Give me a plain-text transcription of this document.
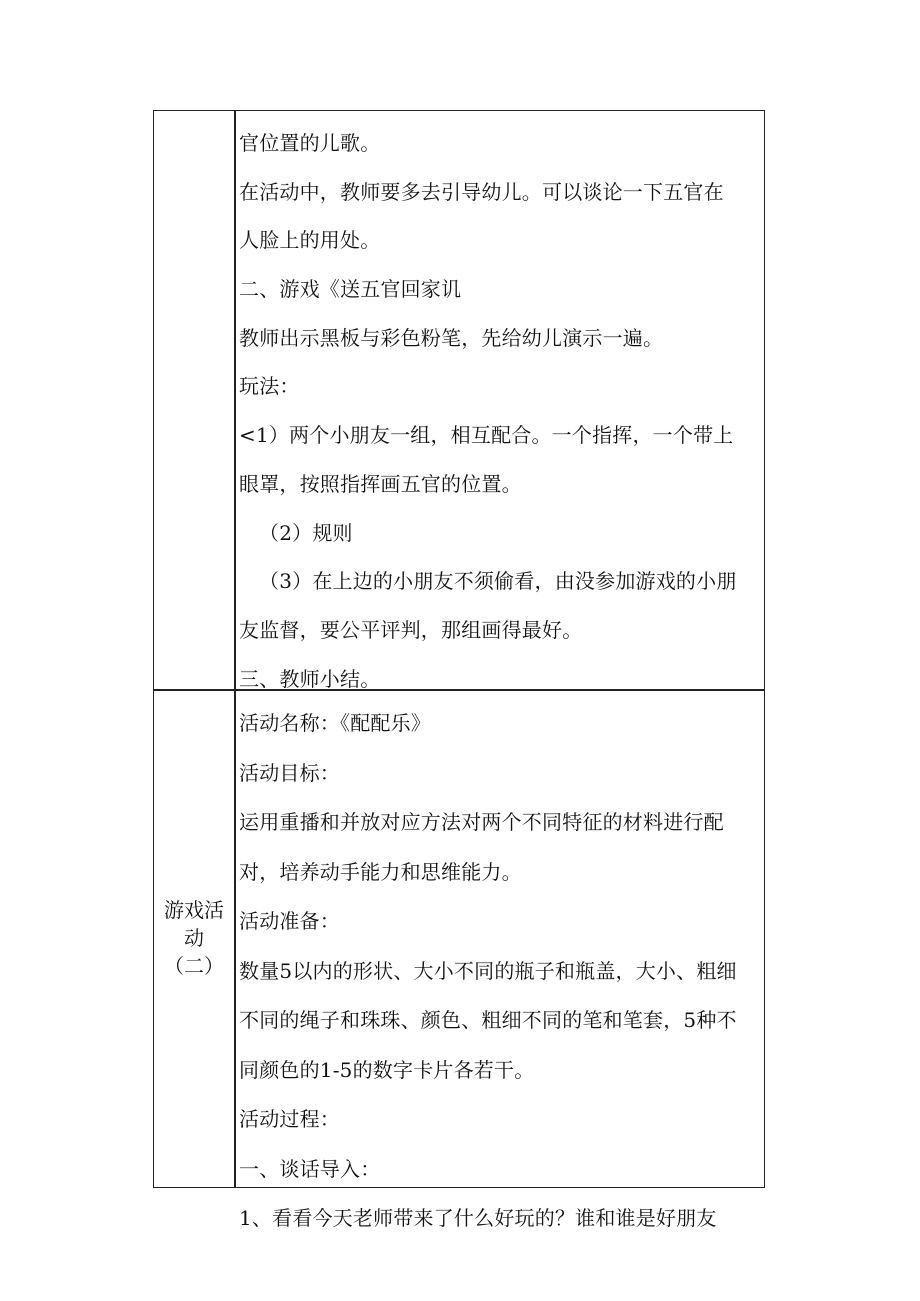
官位置的儿歌。
在活动中，教师要多去引导幼儿。可以谈论一下五官在
人脸上的用处。
二、游戏《送五官回家讥
教师出示黑板与彩色粉笔，先给幼儿演示一遍。
玩法：
<1）两个小朋友一组，相互配合。一个指挥，一个带上
眼罩，按照指挥画五官的位置。
（2）规则
（3）在上边的小朋友不须偷看，由没参加游戏的小朋
友监督，要公平评判，那组画得最好。
三、教师小结。
游戏活
动
（二）
活动名称：《配配乐》
活动目标：
运用重播和并放对应方法对两个不同特征的材料进行配
对，培养动手能力和思维能力。
活动准备：
数量5以内的形状、大小不同的瓶子和瓶盖，大小、粗细
不同的绳子和珠珠、颜色、粗细不同的笔和笔套，5种不
同颜色的1-5的数字卡片各若干。
活动过程：
一、谈话导入：
1、看看今天老师带来了什么好玩的？谁和谁是好朋友
